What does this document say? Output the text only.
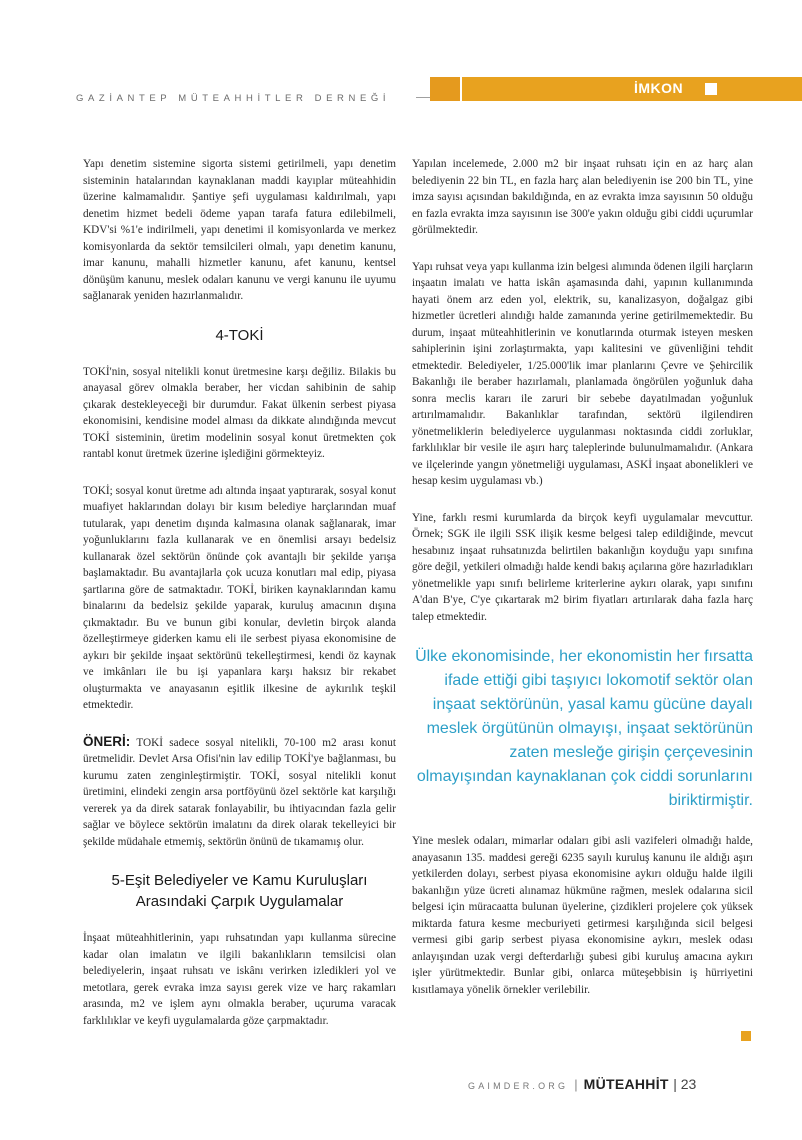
GAZİANTEP MÜTEAHHİTLER DERNEĞİ
İMKON

Yapı denetim sistemine sigorta sistemi getirilmeli, yapı denetim sisteminin hatalarından kaynaklanan maddi kayıplar müteahhidin üzerine kalmamalıdır. Şantiye şefi uygulaması kaldırılmalı, yapı denetim hizmet bedeli ödeme yapan tarafa fatura edilebilmeli, KDV'si %1'e indirilmeli, yapı denetimi il komisyonlarda ve merkez komisyonlarda da sektör temsilcileri olmalı, yapı denetim kanunu, imar kanunu, mahalli hizmetler kanunu, afet kanunu, kentsel dönüşüm kanunu, meslek odaları kanunu ve vergi kanunu ile uyumu sağlanarak yeniden hazırlanmalıdır.

4-TOKİ

TOKİ'nin, sosyal nitelikli konut üretmesine karşı değiliz. Bilakis bu anayasal görev olmakla beraber, her vicdan sahibinin de sahip çıkarak destekleyeceği bir durumdur. Fakat ülkenin serbest piyasa ekonomisini, kendisine model alması da dikkate alındığında mevcut TOKİ sisteminin, üretim modelinin sosyal konut üretmekten çok rantabl konut üretmek üzerine işlediğini görmekteyiz.

TOKİ; sosyal konut üretme adı altında inşaat yaptırarak, sosyal konut muafiyet haklarından dolayı bir kısım belediye harçlarından muaf tutularak, yapı denetim dışında kalmasına olanak sağlanarak, imar yoğunluklarını fazla kullanarak ve en önemlisi arsayı bedelsiz kullanarak özel sektörün önünde çok avantajlı bir şekilde yarışa başlamaktadır. Bu avantajlarla çok ucuza konutları mal edip, piyasa şartlarına göre de satmaktadır. TOKİ, biriken kaynaklarından kamu binalarını da bedelsiz şekilde yaparak, kuruluş amacının dışına çıkmaktadır. Bu ve bunun gibi konular, devletin birçok alanda özelleştirmeye giderken kamu eli ile serbest piyasa ekonomisine de aykırı bir şekilde inşaat sektörünü tekelleştirmesi, kendi öz kaynak ve imkânları ile bu işi yapanlara karşı haksız bir rekabet oluşturmakta ve anayasanın eşitlik ilkesine de aykırılık teşkil etmektedir.

ÖNERİ: TOKİ sadece sosyal nitelikli, 70-100 m2 arası konut üretmelidir. Devlet Arsa Ofisi'nin lav edilip TOKİ'ye bağlanması, bu kurumu zaten zenginleştirmiştir. TOKİ, sosyal nitelikli konut üretimini, elindeki zengin arsa portföyünü özel sektörle kat karşılığı vererek ya da direk satarak fonlayabilir, bu ihtiyacından fazla gelir sağlar ve böylece sektörün imalatını da direk olarak tekelleyici bir şekilde müdahale etmemiş, sektörün önünü de tıkamamış olur.

5-Eşit Belediyeler ve Kamu Kuruluşları
Arasındaki Çarpık Uygulamalar

İnşaat müteahhitlerinin, yapı ruhsatından yapı kullanma sürecine kadar olan imalatın ve ilgili bakanlıkların temsilcisi olan belediyelerin, inşaat ruhsatı ve iskânı verirken izledikleri yol ve metotlara, gerek evraka imza sayısı gerek vize ve harç rakamları arasında, m2 ve işlem aynı olmakla beraber, uçuruma varacak farklılıklar ve keyfi uygulamalarda göze çarpmaktadır.

Yapılan incelemede, 2.000 m2 bir inşaat ruhsatı için en az harç alan belediyenin 22 bin TL, en fazla harç alan belediyenin ise 200 bin TL, yine imza sayısı açısından bakıldığında, en az evrakta imza sayısının 50 olduğu en fazla evrakta imza sayısının ise 300'e yakın olduğu gibi ciddi uçurumlar görülmektedir.

Yapı ruhsat veya yapı kullanma izin belgesi alımında ödenen ilgili harçların inşaatın imalatı ve hatta iskân aşamasında dahi, yapının kullanımında hayati önem arz eden yol, elektrik, su, kanalizasyon, doğalgaz gibi hizmetler ücretleri alındığı halde zamanında yerine getirilmemektedir. Bu durum, inşaat müteahhitlerinin ve konutlarında oturmak isteyen mesken sahiplerinin işini zorlaştırmakta, yapı kalitesini ve güvenliğini tehdit etmektedir. Belediyeler, 1/25.000'lik imar planlarını Çevre ve Şehircilik Bakanlığı ile beraber hazırlamalı, planlamada öngörülen yoğunluk daha sonra meclis kararı ile zaruri bir sebebe dayatılmadan yoğunluk artırılmamalıdır. Bakanlıklar tarafından, sektörü ilgilendiren yönetmeliklerin belediyelerce uygulanması noktasında ciddi zorluklar, farklılıklar bir vesile ile aşırı harç taleplerinde bulunulmamalıdır. (Ankara ve ilçelerinde yangın yönetmeliği uygulaması, ASKİ inşaat abonelikleri ve hesap kesim uygulaması vb.)

Yine, farklı resmi kurumlarda da birçok keyfi uygulamalar mevcuttur. Örnek; SGK ile ilgili SSK ilişik kesme belgesi talep edildiğinde, mevcut hesabınız inşaat ruhsatınızda belirtilen bakanlığın koyduğu yapı sınıfına göre değil, yetkileri olmadığı halde kendi bakış açılarına göre hazırladıkları yönetmelikle yapı sınıfı belirleme kriterlerine aykırı olarak, yapı sınıfını A'dan B'ye, C'ye çıkartarak m2 birim fiyatları artırılarak daha fazla harç talep etmektedir.

Ülke ekonomisinde, her ekonomistin her fırsatta ifade ettiği gibi taşıyıcı lokomotif sektör olan inşaat sektörünün, yasal kamu gücüne dayalı meslek örgütünün olmayışı, inşaat sektörünün zaten mesleğe girişin çerçevesinin olmayışından kaynaklanan çok ciddi sorunlarını biriktirmiştir.

Yine meslek odaları, mimarlar odaları gibi asli vazifeleri olmadığı halde, anayasanın 135. maddesi gereği 6235 sayılı kuruluş kanunu ile aldığı aşırı yetkilerden dolayı, serbest piyasa ekonomisine aykırı olduğu halde ilgili bakanlığın yüze ücreti alınamaz hükmüne rağmen, meslek odalarına sicil belgesi için müracaatta bulunan üyelerine, çizdikleri projelere çok yüksek miktarda fatura kesme mecburiyeti getirmesi karşılığında sicil belgesi vermesi gibi garip serbest piyasa ekonomisine aykırı, meslek odası anlayışından uzak vergi defterdarlığı şubesi gibi kuruluş amacına aykırı işler yürütmektedir. Bunlar gibi, onlarca müteşebbisin iş hürriyetini kısıtlamaya yönelik örnekler verilebilir.

GAIMDER.ORG | MÜTEAHHİT | 23
